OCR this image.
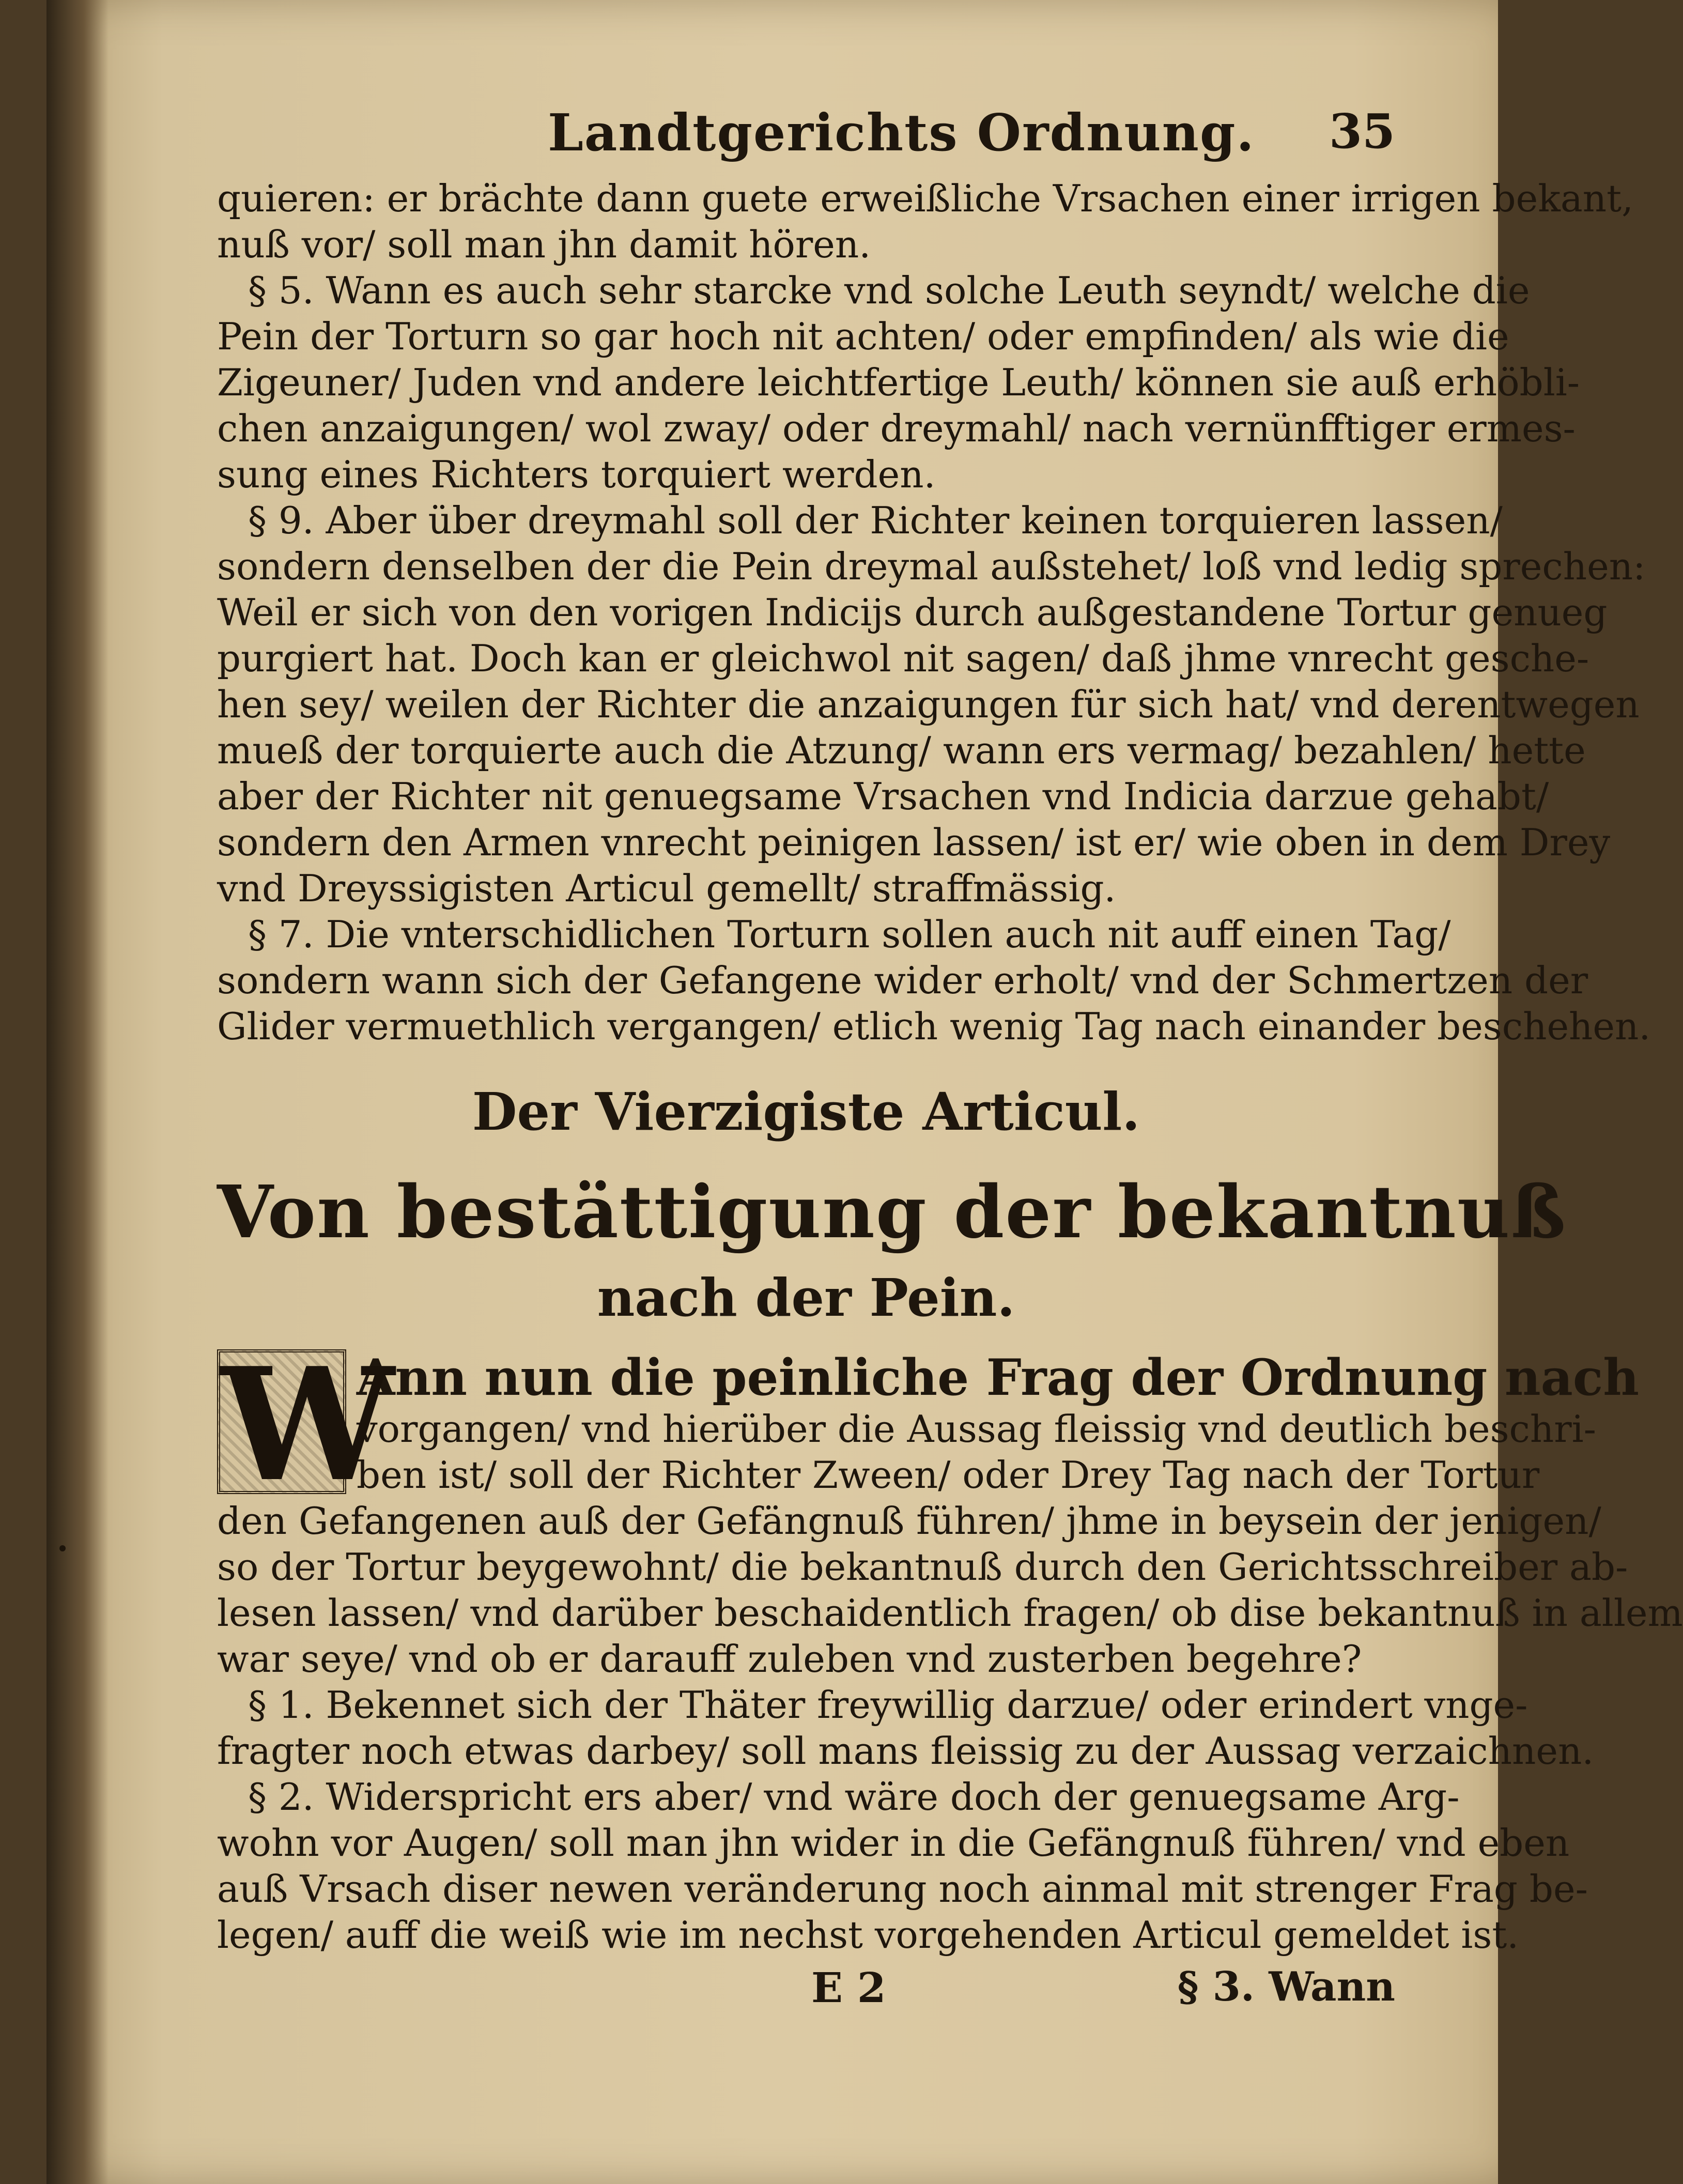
Landtgerichts Ordnung. 35
quieren: er brächte dann guete erweißliche Vrsachen einer irrigen bekant,
nuß vor/ soll man jhn damit hören.
§ 5. Wann es auch sehr starcke vnd solche Leuth seyndt/ welche die
Pein der Torturn so gar hoch nit achten/ oder empfinden/ als wie die
Zigeuner/ Juden vnd andere leichtfertige Leuth/ können sie auß erhöbli-
chen anzaigungen/ wol zway/ oder dreymahl/ nach vernünfftiger ermes-
sung eines Richters torquiert werden.
§ 9. Aber über dreymahl soll der Richter keinen torquieren lassen/
sondern denselben der die Pein dreymal außstehet/ loß vnd ledig sprechen:
Weil er sich von den vorigen Indicijs durch außgestandene Tortur genueg
purgiert hat. Doch kan er gleichwol nit sagen/ daß jhme vnrecht gesche-
hen sey/ weilen der Richter die anzaigungen für sich hat/ vnd derentwegen
mueß der torquierte auch die Atzung/ wann ers vermag/ bezahlen/ hette
aber der Richter nit genuegsame Vrsachen vnd Indicia darzue gehabt/
sondern den Armen vnrecht peinigen lassen/ ist er/ wie oben in dem Drey
vnd Dreyssigisten Articul gemellt/ straffmässig.
§ 7. Die vnterschidlichen Torturn sollen auch nit auff einen Tag/
sondern wann sich der Gefangene wider erholt/ vnd der Schmertzen der
Glider vermuethlich vergangen/ etlich wenig Tag nach einander beschehen.
Der Vierzigiste Articul.
Von bestättigung der bekantnuß
nach der Pein.
W
Ann nun die peinliche Frag der Ordnung nach
vorgangen/ vnd hierüber die Aussag fleissig vnd deutlich beschri-
ben ist/ soll der Richter Zween/ oder Drey Tag nach der Tortur
den Gefangenen auß der Gefängnuß führen/ jhme in beysein der jenigen/
so der Tortur beygewohnt/ die bekantnuß durch den Gerichtsschreiber ab-
lesen lassen/ vnd darüber beschaidentlich fragen/ ob dise bekantnuß in allem
war seye/ vnd ob er darauff zuleben vnd zusterben begehre?
§ 1. Bekennet sich der Thäter freywillig darzue/ oder erindert vnge-
fragter noch etwas darbey/ soll mans fleissig zu der Aussag verzaichnen.
§ 2. Widerspricht ers aber/ vnd wäre doch der genuegsame Arg-
wohn vor Augen/ soll man jhn wider in die Gefängnuß führen/ vnd eben
auß Vrsach diser newen veränderung noch ainmal mit strenger Frag be-
legen/ auff die weiß wie im nechst vorgehenden Articul gemeldet ist.
E 2	§ 3. Wann
